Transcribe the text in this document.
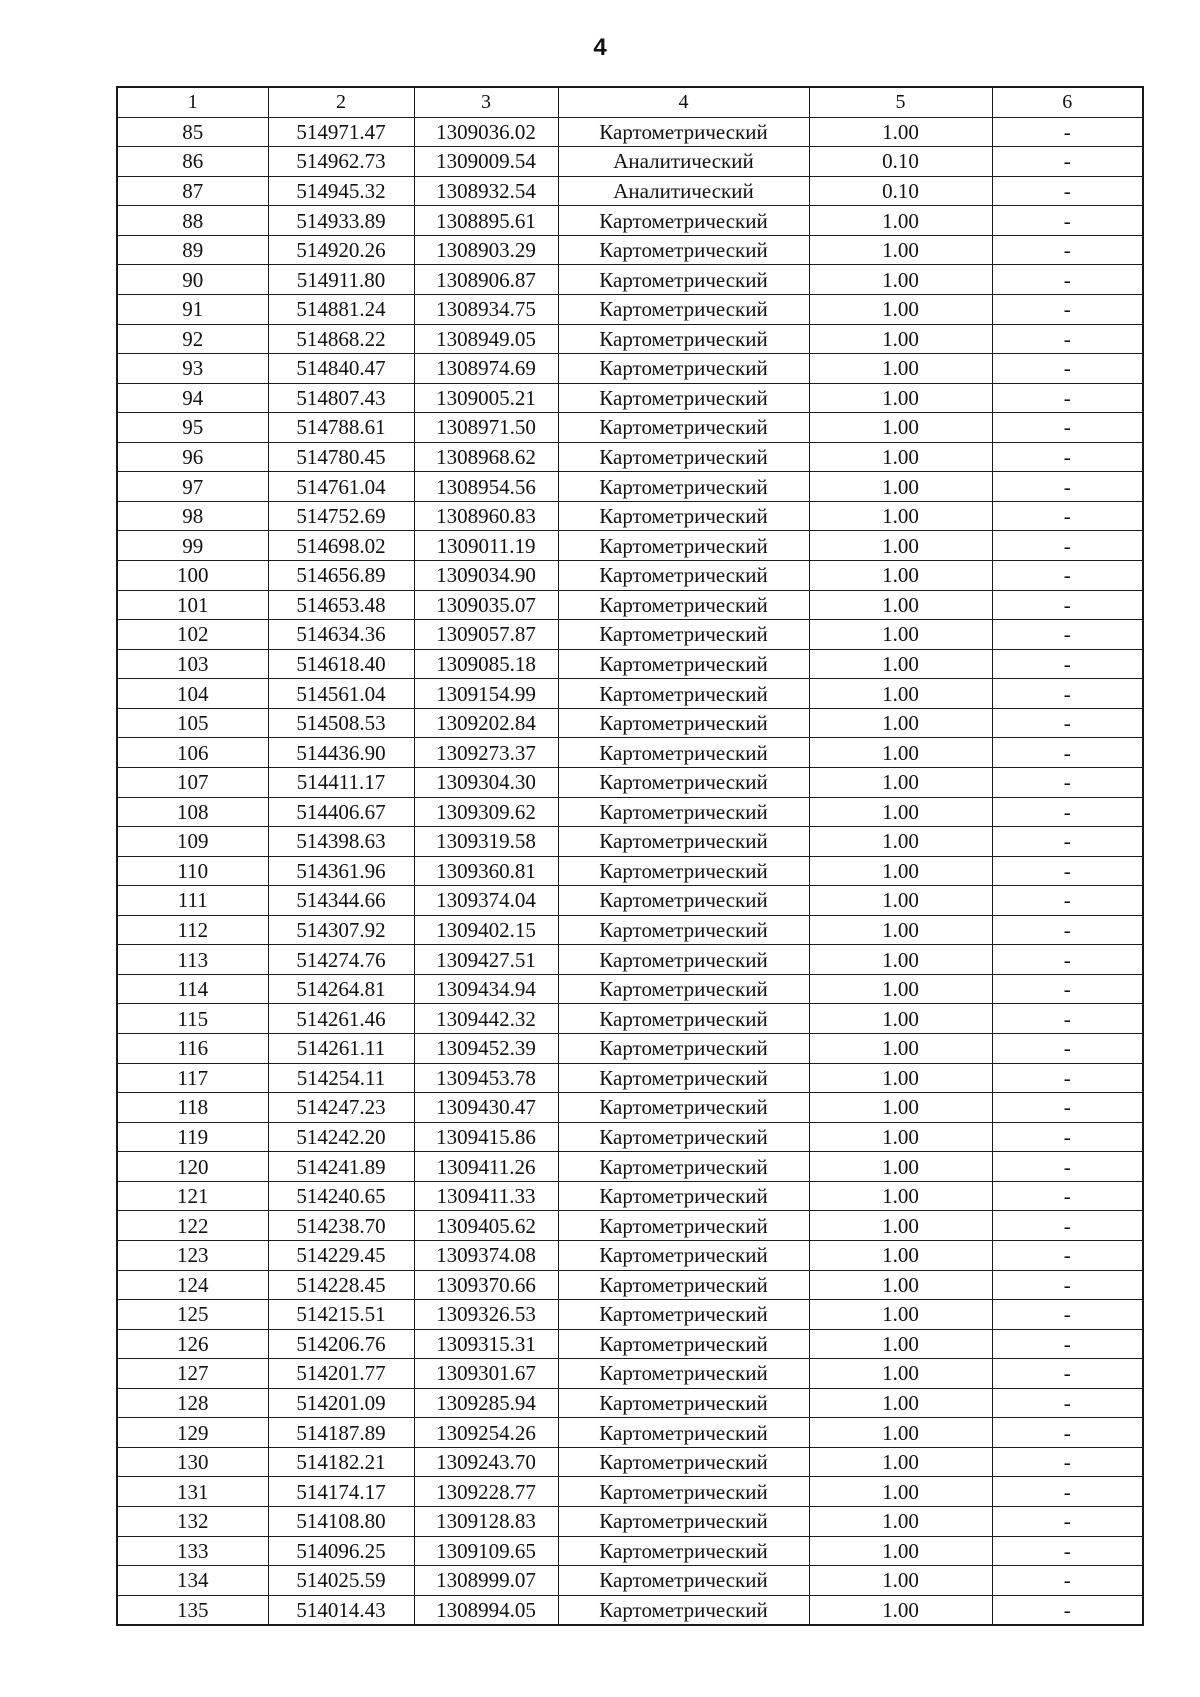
4
1	2	3	4	5	6
85	514971.47	1309036.02	Картометрический	1.00	-
86	514962.73	1309009.54	Аналитический	0.10	-
87	514945.32	1308932.54	Аналитический	0.10	-
88	514933.89	1308895.61	Картометрический	1.00	-
89	514920.26	1308903.29	Картометрический	1.00	-
90	514911.80	1308906.87	Картометрический	1.00	-
91	514881.24	1308934.75	Картометрический	1.00	-
92	514868.22	1308949.05	Картометрический	1.00	-
93	514840.47	1308974.69	Картометрический	1.00	-
94	514807.43	1309005.21	Картометрический	1.00	-
95	514788.61	1308971.50	Картометрический	1.00	-
96	514780.45	1308968.62	Картометрический	1.00	-
97	514761.04	1308954.56	Картометрический	1.00	-
98	514752.69	1308960.83	Картометрический	1.00	-
99	514698.02	1309011.19	Картометрический	1.00	-
100	514656.89	1309034.90	Картометрический	1.00	-
101	514653.48	1309035.07	Картометрический	1.00	-
102	514634.36	1309057.87	Картометрический	1.00	-
103	514618.40	1309085.18	Картометрический	1.00	-
104	514561.04	1309154.99	Картометрический	1.00	-
105	514508.53	1309202.84	Картометрический	1.00	-
106	514436.90	1309273.37	Картометрический	1.00	-
107	514411.17	1309304.30	Картометрический	1.00	-
108	514406.67	1309309.62	Картометрический	1.00	-
109	514398.63	1309319.58	Картометрический	1.00	-
110	514361.96	1309360.81	Картометрический	1.00	-
111	514344.66	1309374.04	Картометрический	1.00	-
112	514307.92	1309402.15	Картометрический	1.00	-
113	514274.76	1309427.51	Картометрический	1.00	-
114	514264.81	1309434.94	Картометрический	1.00	-
115	514261.46	1309442.32	Картометрический	1.00	-
116	514261.11	1309452.39	Картометрический	1.00	-
117	514254.11	1309453.78	Картометрический	1.00	-
118	514247.23	1309430.47	Картометрический	1.00	-
119	514242.20	1309415.86	Картометрический	1.00	-
120	514241.89	1309411.26	Картометрический	1.00	-
121	514240.65	1309411.33	Картометрический	1.00	-
122	514238.70	1309405.62	Картометрический	1.00	-
123	514229.45	1309374.08	Картометрический	1.00	-
124	514228.45	1309370.66	Картометрический	1.00	-
125	514215.51	1309326.53	Картометрический	1.00	-
126	514206.76	1309315.31	Картометрический	1.00	-
127	514201.77	1309301.67	Картометрический	1.00	-
128	514201.09	1309285.94	Картометрический	1.00	-
129	514187.89	1309254.26	Картометрический	1.00	-
130	514182.21	1309243.70	Картометрический	1.00	-
131	514174.17	1309228.77	Картометрический	1.00	-
132	514108.80	1309128.83	Картометрический	1.00	-
133	514096.25	1309109.65	Картометрический	1.00	-
134	514025.59	1308999.07	Картометрический	1.00	-
135	514014.43	1308994.05	Картометрический	1.00	-
